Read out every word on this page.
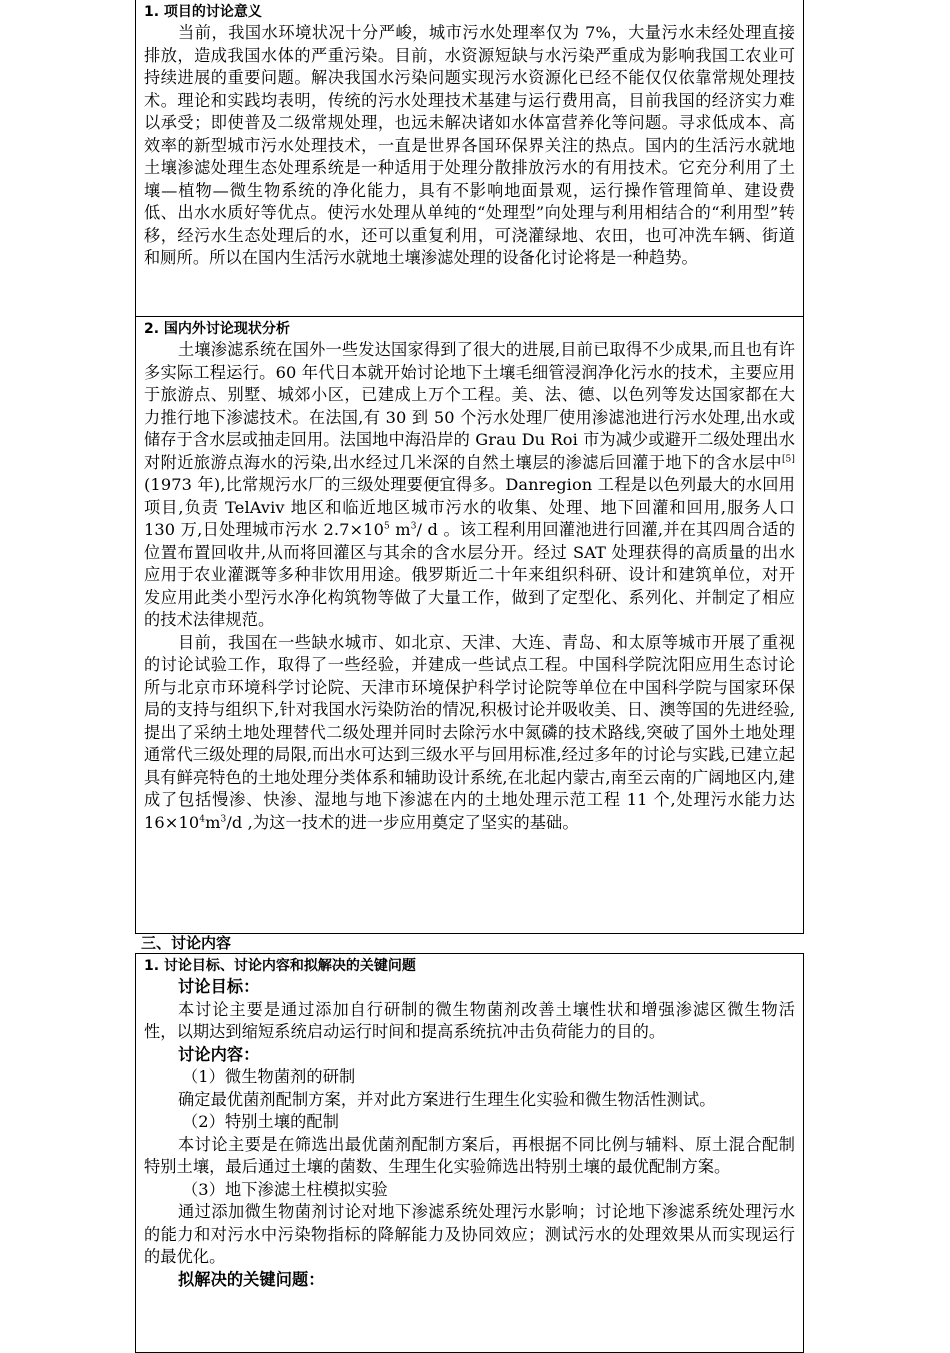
1. 项目的讨论意义

当前，我国水环境状况十分严峻，城市污水处理率仅为 7%，大量污水未经处理直接排放，造成我国水体的严重污染。目前，水资源短缺与水污染严重成为影响我国工农业可持续进展的重要问题。解决我国水污染问题实现污水资源化已经不能仅仅依靠常规处理技术。理论和实践均表明，传统的污水处理技术基建与运行费用高，目前我国的经济实力难以承受；即使普及二级常规处理，也远未解决诸如水体富营养化等问题。寻求低成本、高效率的新型城市污水处理技术，一直是世界各国环保界关注的热点。国内的生活污水就地土壤渗滤处理生态处理系统是一种适用于处理分散排放污水的有用技术。它充分利用了土壤—植物—微生物系统的净化能力，具有不影响地面景观，运行操作管理简单、建设费低、出水水质好等优点。使污水处理从单纯的“处理型”向处理与利用相结合的“利用型”转移，经污水生态处理后的水，还可以重复利用，可浇灌绿地、农田，也可冲洗车辆、街道和厕所。所以在国内生活污水就地土壤渗滤处理的设备化讨论将是一种趋势。

2. 国内外讨论现状分析

土壤渗滤系统在国外一些发达国家得到了很大的进展,目前已取得不少成果,而且也有许多实际工程运行。60 年代日本就开始讨论地下土壤毛细管浸润净化污水的技术，主要应用于旅游点、别墅、城郊小区，已建成上万个工程。美、法、德、以色列等发达国家都在大力推行地下渗滤技术。在法国,有 30 到 50 个污水处理厂使用渗滤池进行污水处理,出水或储存于含水层或抽走回用。法国地中海沿岸的 Grau Du Roi 市为减少或避开二级处理出水对附近旅游点海水的污染,出水经过几米深的自然土壤层的渗滤后回灌于地下的含水层中[5](1973 年),比常规污水厂的三级处理要便宜得多。Danregion 工程是以色列最大的水回用项目,负责 TelAviv 地区和临近地区城市污水的收集、处理、地下回灌和回用,服务人口 130 万,日处理城市污水 $2.7\times 10^5$ $m^3/$ d 。该工程利用回灌池进行回灌,并在其四周合适的位置布置回收井,从而将回灌区与其余的含水层分开。经过 SAT 处理获得的高质量的出水应用于农业灌溉等多种非饮用用途。俄罗斯近二十年来组织科研、设计和建筑单位，对开发应用此类小型污水净化构筑物等做了大量工作，做到了定型化、系列化、并制定了相应的技术法律规范。

目前，我国在一些缺水城市、如北京、天津、大连、青岛、和太原等城市开展了重视的讨论试验工作，取得了一些经验，并建成一些试点工程。中国科学院沈阳应用生态讨论所与北京市环境科学讨论院、天津市环境保护科学讨论院等单位在中国科学院与国家环保局的支持与组织下,针对我国水污染防治的情况,积极讨论并吸收美、日、澳等国的先进经验,提出了采纳土地处理替代二级处理并同时去除污水中氮磷的技术路线,突破了国外土地处理通常代三级处理的局限,而出水可达到三级水平与回用标准,经过多年的讨论与实践,已建立起具有鲜亮特色的土地处理分类体系和辅助设计系统,在北起内蒙古,南至云南的广阔地区内,建成了包括慢渗、快渗、湿地与地下渗滤在内的土地处理示范工程 11 个,处理污水能力达 $16\times 10^4m^3/d$ ,为这一技术的进一步应用奠定了坚实的基础。

三、讨论内容
1. 讨论目标、讨论内容和拟解决的关键问题

讨论目标：

本讨论主要是通过添加自行研制的微生物菌剂改善土壤性状和增强渗滤区微生物活性，以期达到缩短系统启动运行时间和提高系统抗冲击负荷能力的目的。

讨论内容：

（1）微生物菌剂的研制

确定最优菌剂配制方案，并对此方案进行生理生化实验和微生物活性测试。

（2）特别土壤的配制

本讨论主要是在筛选出最优菌剂配制方案后，再根据不同比例与辅料、原土混合配制特别土壤，最后通过土壤的菌数、生理生化实验筛选出特别土壤的最优配制方案。

（3）地下渗滤土柱模拟实验

通过添加微生物菌剂讨论对地下渗滤系统处理污水影响；讨论地下渗滤系统处理污水的能力和对污水中污染物指标的降解能力及协同效应；测试污水的处理效果从而实现运行的最优化。

拟解决的关键问题：
